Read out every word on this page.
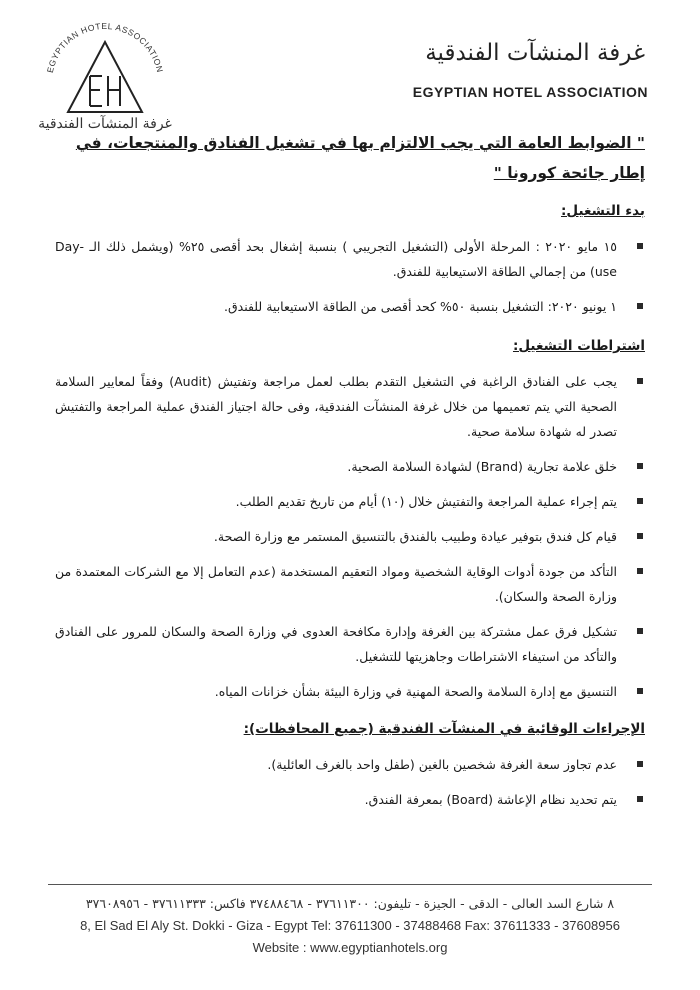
EGYPTIAN HOTEL ASSOCIATION
غرفة المنشآت الفندقية
غرفة المنشآت الفندقية
EGYPTIAN HOTEL ASSOCIATION
" الضوابط العامة التي يجب الالتزام بها في تشغيل الفنادق والمنتجعات، في إطار جائحة كورونا "
بدء التشغيل:
١٥ مايو ٢٠٢٠ : المرحلة الأولى (التشغيل التجريبي ) بنسبة إشغال بحد أقصى ٢٥% (ويشمل ذلك الـ Day-use) من إجمالي الطاقة الاستيعابية للفندق.
١ يونيو ٢٠٢٠: التشغيل بنسبة ٥٠% كحد أقصى من الطاقة الاستيعابية للفندق.
اشتراطات التشغيل:
يجب على الفنادق الراغبة في التشغيل التقدم بطلب لعمل مراجعة وتفتيش (Audit) وفقاً لمعايير السلامة الصحية التي يتم تعميمها من خلال غرفة المنشآت الفندقية، وفى حالة اجتياز الفندق عملية المراجعة والتفتيش تصدر له شهادة سلامة صحية.
خلق علامة تجارية (Brand) لشهادة السلامة الصحية.
يتم إجراء عملية المراجعة والتفتيش خلال (١٠) أيام من تاريخ تقديم الطلب.
قيام كل فندق بتوفير عيادة وطبيب بالفندق بالتنسيق المستمر مع وزارة الصحة.
التأكد من جودة أدوات الوقاية الشخصية ومواد التعقيم المستخدمة (عدم التعامل إلا مع الشركات المعتمدة من وزارة الصحة والسكان).
تشكيل فرق عمل مشتركة بين الغرفة وإدارة مكافحة العدوى في وزارة الصحة والسكان للمرور على الفنادق والتأكد من استيفاء الاشتراطات وجاهزيتها للتشغيل.
التنسيق مع إدارة السلامة والصحة المهنية في وزارة البيئة بشأن خزانات المياه.
الإجراءات الوقائية في المنشآت الفندقية (جميع المحافظات):
عدم تجاوز سعة الغرفة شخصين بالغين (طفل واحد بالغرف العائلية).
يتم تحديد نظام الإعاشة (Board) بمعرفة الفندق.
٨ شارع السد العالى - الدقى - الجيزة - تليفون: ٣٧٦١١٣٠٠ - ٣٧٤٨٨٤٦٨ فاكس: ٣٧٦١١٣٣٣ - ٣٧٦٠٨٩٥٦
8, El Sad El Aly St. Dokki - Giza - Egypt Tel: 37611300 - 37488468 Fax: 37611333 - 37608956
Website : www.egyptianhotels.org
